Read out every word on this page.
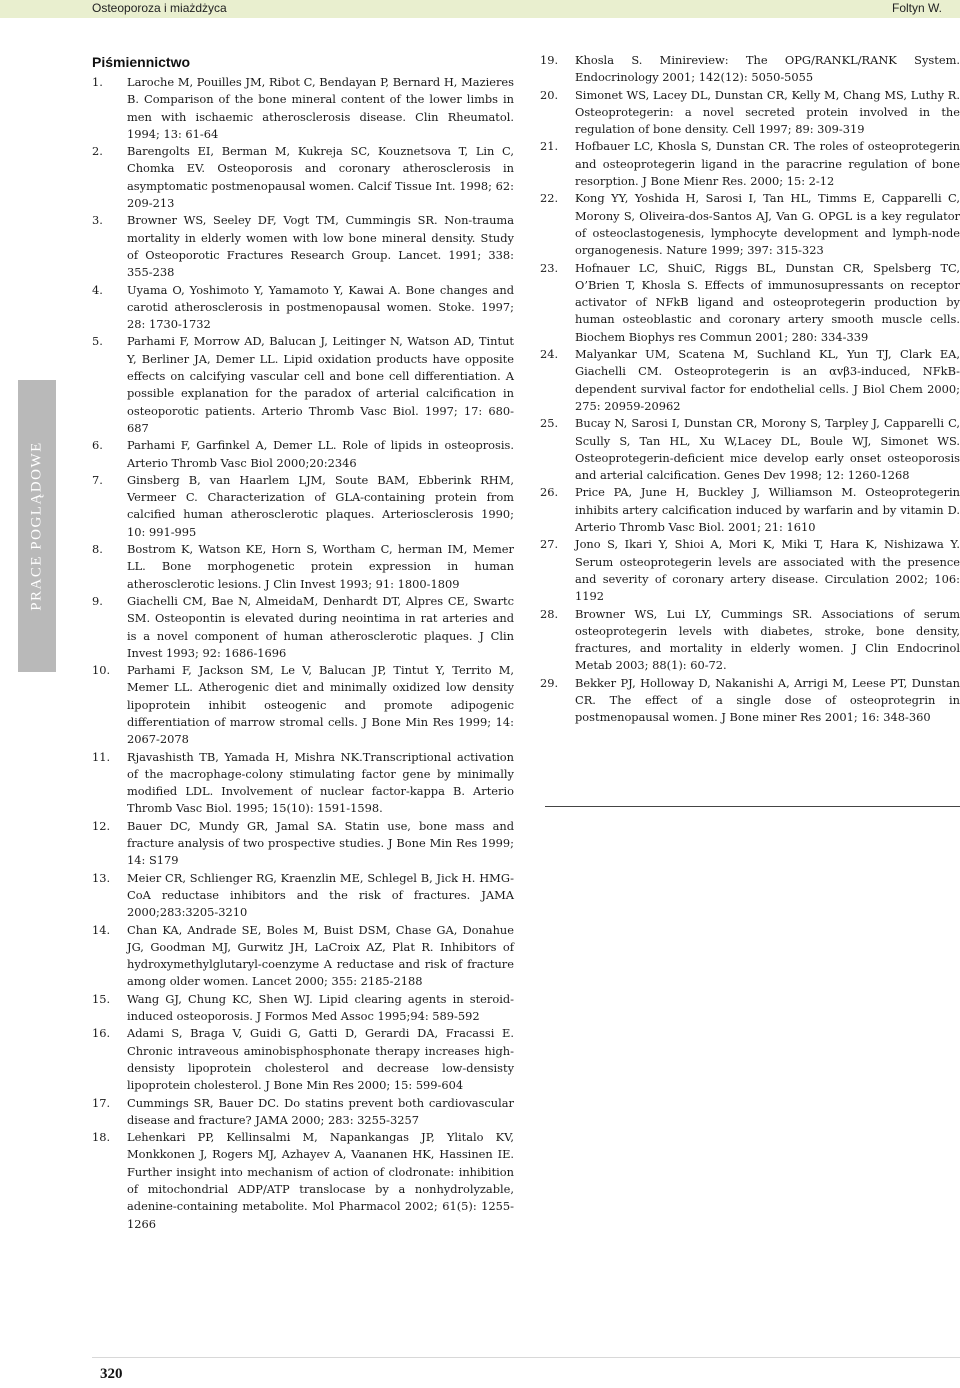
Osteoporoza i miażdżyca	Foltyn W.
PRACE POGLĄDOWE
Piśmiennictwo
1. Laroche M, Pouilles JM, Ribot C, Bendayan P, Bernard H, Mazieres B. Comparison of the bone mineral content of the lower limbs in men with ischaemic atherosclerosis disease. Clin Rheumatol. 1994; 13: 61-64
2. Barengolts EI, Berman M, Kukreja SC, Kouznetsova T, Lin C, Chomka EV. Osteoporosis and coronary atherosclerosis in asymptomatic postmenopausal women. Calcif Tissue Int. 1998; 62: 209-213
3. Browner WS, Seeley DF, Vogt TM, Cummingis SR. Non-trauma mortality in elderly women with low bone mineral density. Study of Osteoporotic Fractures Research Group. Lancet. 1991; 338: 355-238
4. Uyama O, Yoshimoto Y, Yamamoto Y, Kawai A. Bone changes and carotid atherosclerosis in postmenopausal women. Stoke. 1997; 28: 1730-1732
5. Parhami F, Morrow AD, Balucan J, Leitinger N, Watson AD, Tintut Y, Berliner JA, Demer LL. Lipid oxidation products have opposite effects on calcifying vascular cell and bone cell differentiation. A possible explanation for the paradox of arterial calcification in osteoporotic patients. Arterio Thromb Vasc Biol. 1997; 17: 680-687
6. Parhami F, Garfinkel A, Demer LL. Role of lipids in osteoprosis. Arterio Thromb Vasc Biol 2000;20:2346
7. Ginsberg B, van Haarlem LJM, Soute BAM, Ebberink RHM, Vermeer C. Characterization of GLA-containing protein from calcified human atherosclerotic plaques. Arteriosclerosis 1990; 10: 991-995
8. Bostrom K, Watson KE, Horn S, Wortham C, herman IM, Memer LL. Bone morphogenetic protein expression in human atherosclerotic lesions. J Clin Invest 1993; 91: 1800-1809
9. Giachelli CM, Bae N, AlmeidaM, Denhardt DT, Alpres CE, Swartc SM. Osteopontin is elevated during neointima in rat arteries and is a novel component of human atherosclerotic plaques. J Clin Invest 1993; 92: 1686-1696
10. Parhami F, Jackson SM, Le V, Balucan JP, Tintut Y, Territo M, Memer LL. Atherogenic diet and minimally oxidized low density lipoprotein inhibit osteogenic and promote adipogenic differentiation of marrow stromal cells. J Bone Min Res 1999; 14: 2067-2078
11. Rjavashisth TB, Yamada H, Mishra NK.Transcriptional activation of the macrophage-colony stimulating factor gene by minimally modified LDL. Involvement of nuclear factor-kappa B. Arterio Thromb Vasc Biol. 1995; 15(10): 1591-1598.
12. Bauer DC, Mundy GR, Jamal SA. Statin use, bone mass and fracture analysis of two prospective studies. J Bone Min Res 1999; 14: S179
13. Meier CR, Schlienger RG, Kraenzlin ME, Schlegel B, Jick H. HMG-CoA reductase inhibitors and the risk of fractures. JAMA 2000;283:3205-3210
14. Chan KA, Andrade SE, Boles M, Buist DSM, Chase GA, Donahue JG, Goodman MJ, Gurwitz JH, LaCroix AZ, Plat R. Inhibitors of hydroxymethylglutaryl-coenzyme A reductase and risk of fracture among older women. Lancet 2000; 355: 2185-2188
15. Wang GJ, Chung KC, Shen WJ. Lipid clearing agents in steroid-induced osteoporosis. J Formos Med Assoc 1995;94: 589-592
16. Adami S, Braga V, Guidi G, Gatti D, Gerardi DA, Fracassi E. Chronic intraveous aminobisphosphonate therapy increases high-densisty lipoprotein cholesterol and decrease low-densisty lipoprotein cholesterol. J Bone Min Res 2000; 15: 599-604
17. Cummings SR, Bauer DC. Do statins prevent both cardiovascular disease and fracture? JAMA 2000; 283: 3255-3257
18. Lehenkari PP, Kellinsalmi M, Napankangas JP, Ylitalo KV, Monkkonen J, Rogers MJ, Azhayev A, Vaananen HK, Hassinen IE. Further insight into mechanism of action of clodronate: inhibition of mitochondrial ADP/ATP translocase by a nonhydrolyzable, adenine-containing metabolite. Mol Pharmacol 2002; 61(5): 1255-1266
19. Khosla S. Minireview: The OPG/RANKL/RANK System. Endocrinology 2001; 142(12): 5050-5055
20. Simonet WS, Lacey DL, Dunstan CR, Kelly M, Chang MS, Luthy R. Osteoprotegerin: a novel secreted protein involved in the regulation of bone density. Cell 1997; 89: 309-319
21. Hofbauer LC, Khosla S, Dunstan CR. The roles of osteoprotegerin and osteoprotegerin ligand in the paracrine regulation of bone resorption. J Bone Mienr Res. 2000; 15: 2-12
22. Kong YY, Yoshida H, Sarosi I, Tan HL, Timms E, Capparelli C, Morony S, Oliveira-dos-Santos AJ, Van G. OPGL is a key regulator of osteoclastogenesis, lymphocyte development and lymph-node organogenesis. Nature 1999; 397: 315-323
23. Hofnauer LC, ShuiC, Riggs BL, Dunstan CR, Spelsberg TC, O’Brien T, Khosla S. Effects of immunosupressants on receptor activator of NFkB ligand and osteoprotegerin production by human osteoblastic and coronary artery smooth muscle cells. Biochem Biophys res Commun 2001; 280: 334-339
24. Malyankar UM, Scatena M, Suchland KL, Yun TJ, Clark EA, Giachelli CM. Osteoprotegerin is an αvβ3-induced, NFkB-dependent survival factor for endothelial cells. J Biol Chem 2000; 275: 20959-20962
25. Bucay N, Sarosi I, Dunstan CR, Morony S, Tarpley J, Capparelli C, Scully S, Tan HL, Xu W,Lacey DL, Boule WJ, Simonet WS. Osteoprotegerin-deficient mice develop early onset osteoporosis and arterial calcification. Genes Dev 1998; 12: 1260-1268
26. Price PA, June H, Buckley J, Williamson M. Osteoprotegerin inhibits artery calcification induced by warfarin and by vitamin D. Arterio Thromb Vasc Biol. 2001; 21: 1610
27. Jono S, Ikari Y, Shioi A, Mori K, Miki T, Hara K, Nishizawa Y. Serum osteoprotegerin levels are associated with the presence and severity of coronary artery disease. Circulation 2002; 106: 1192
28. Browner WS, Lui LY, Cummings SR. Associations of serum osteoprotegerin levels with diabetes, stroke, bone density, fractures, and mortality in elderly women. J Clin Endocrinol Metab 2003; 88(1): 60-72.
29. Bekker PJ, Holloway D, Nakanishi A, Arrigi M, Leese PT, Dunstan CR. The effect of a single dose of osteoprotegrin in postmenopausal women. J Bone miner Res 2001; 16: 348-360
320
